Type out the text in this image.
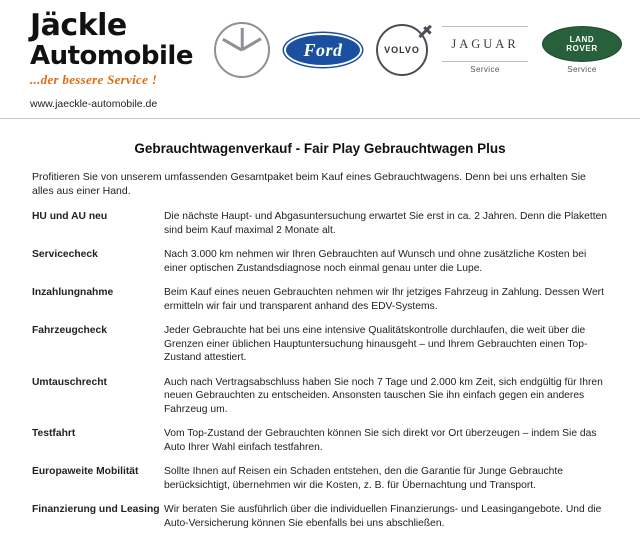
Jäckle
Automobile
...der bessere Service !
www.jaeckle-automobile.de
Ford	VOLVO	JAGUAR
Service
LAND
ROVER
Service
Gebrauchtwagenverkauf - Fair Play Gebrauchtwagen Plus

Profitieren Sie von unserem umfassenden Gesamtpaket beim Kauf eines Gebrauchtwagens. Denn bei uns erhalten Sie alles aus einer Hand.

HU und AU neu	Die nächste Haupt- und Abgasuntersuchung erwartet Sie erst in ca. 2 Jahren. Denn die Plaketten sind beim Kauf maximal 2 Monate alt.
Servicecheck	Nach 3.000 km nehmen wir Ihren Gebrauchten auf Wunsch und ohne zusätzliche Kosten bei einer optischen Zustandsdiagnose noch einmal genau unter die Lupe.
Inzahlungnahme	Beim Kauf eines neuen Gebrauchten nehmen wir Ihr jetziges Fahrzeug in Zahlung. Dessen Wert ermitteln wir fair und transparent anhand des EDV-Systems.
Fahrzeugcheck	Jeder Gebrauchte hat bei uns eine intensive Qualitätskontrolle durchlaufen, die weit über die Grenzen einer üblichen Hauptuntersuchung hinausgeht – und Ihrem Gebrauchten einen Top-Zustand attestiert.
Umtauschrecht	Auch nach Vertragsabschluss haben Sie noch 7 Tage und 2.000 km Zeit, sich endgültig für Ihren neuen Gebrauchten zu entscheiden. Ansonsten tauschen Sie ihn einfach gegen ein anderes Fahrzeug um.
Testfahrt	Vom Top-Zustand der Gebrauchten können Sie sich direkt vor Ort überzeugen – indem Sie das Auto Ihrer Wahl einfach testfahren.
Europaweite Mobilität	Sollte Ihnen auf Reisen ein Schaden entstehen, den die Garantie für Junge Gebrauchte berücksichtigt, übernehmen wir die Kosten, z. B. für Übernachtung und Transport.
Finanzierung und Leasing	Wir beraten Sie ausführlich über die individuellen Finanzierungs- und Leasingangebote. Und die Auto-Versicherung können Sie ebenfalls bei uns abschließen.
